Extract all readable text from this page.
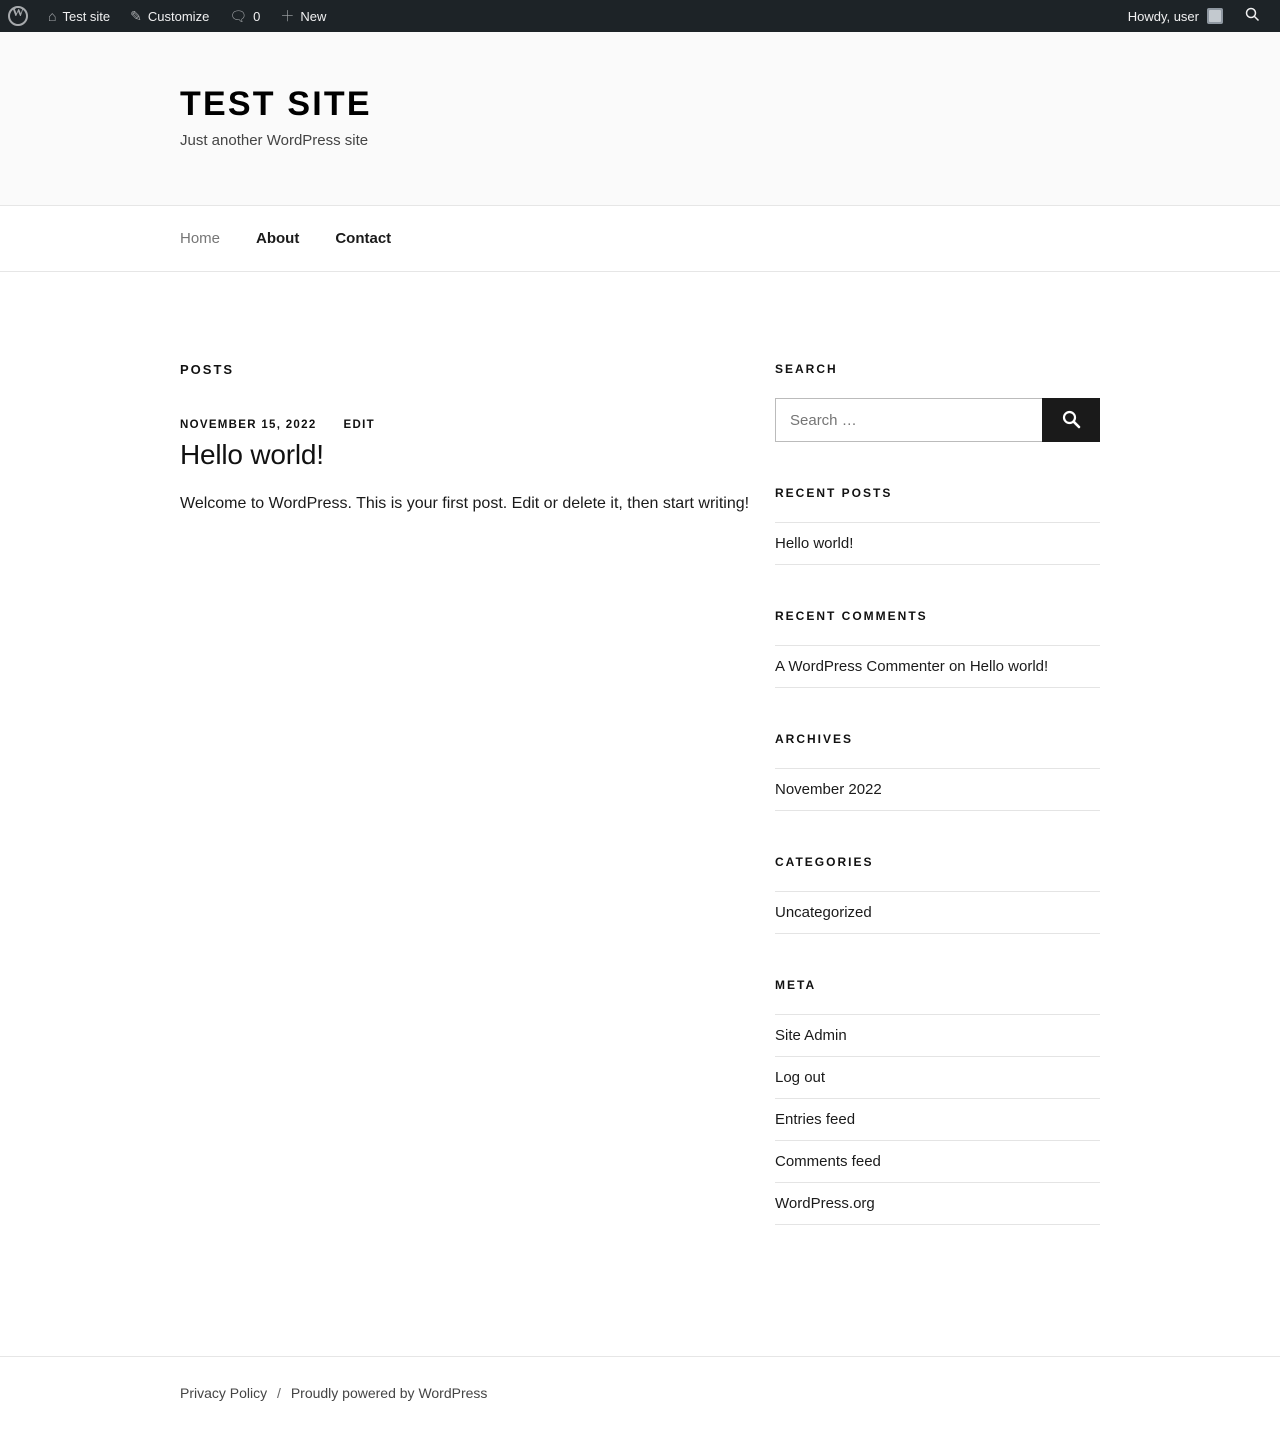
W
⌂ Test site ✎ Customize 🗨 0 ＋ New	Howdy, user
TEST SITE

Just another WordPress site

Home About Contact
POSTS
NOVEMBER 15, 2022 EDIT
Hello world!

Welcome to WordPress. This is your first post. Edit or delete it, then start writing!

SEARCH
Search …
RECENT POSTS
Hello world!
RECENT COMMENTS
A WordPress Commenter on Hello world!
ARCHIVES
November 2022
CATEGORIES
Uncategorized
META
Site Admin
Log out
Entries feed
Comments feed
WordPress.org
Privacy Policy / Proudly powered by WordPress
